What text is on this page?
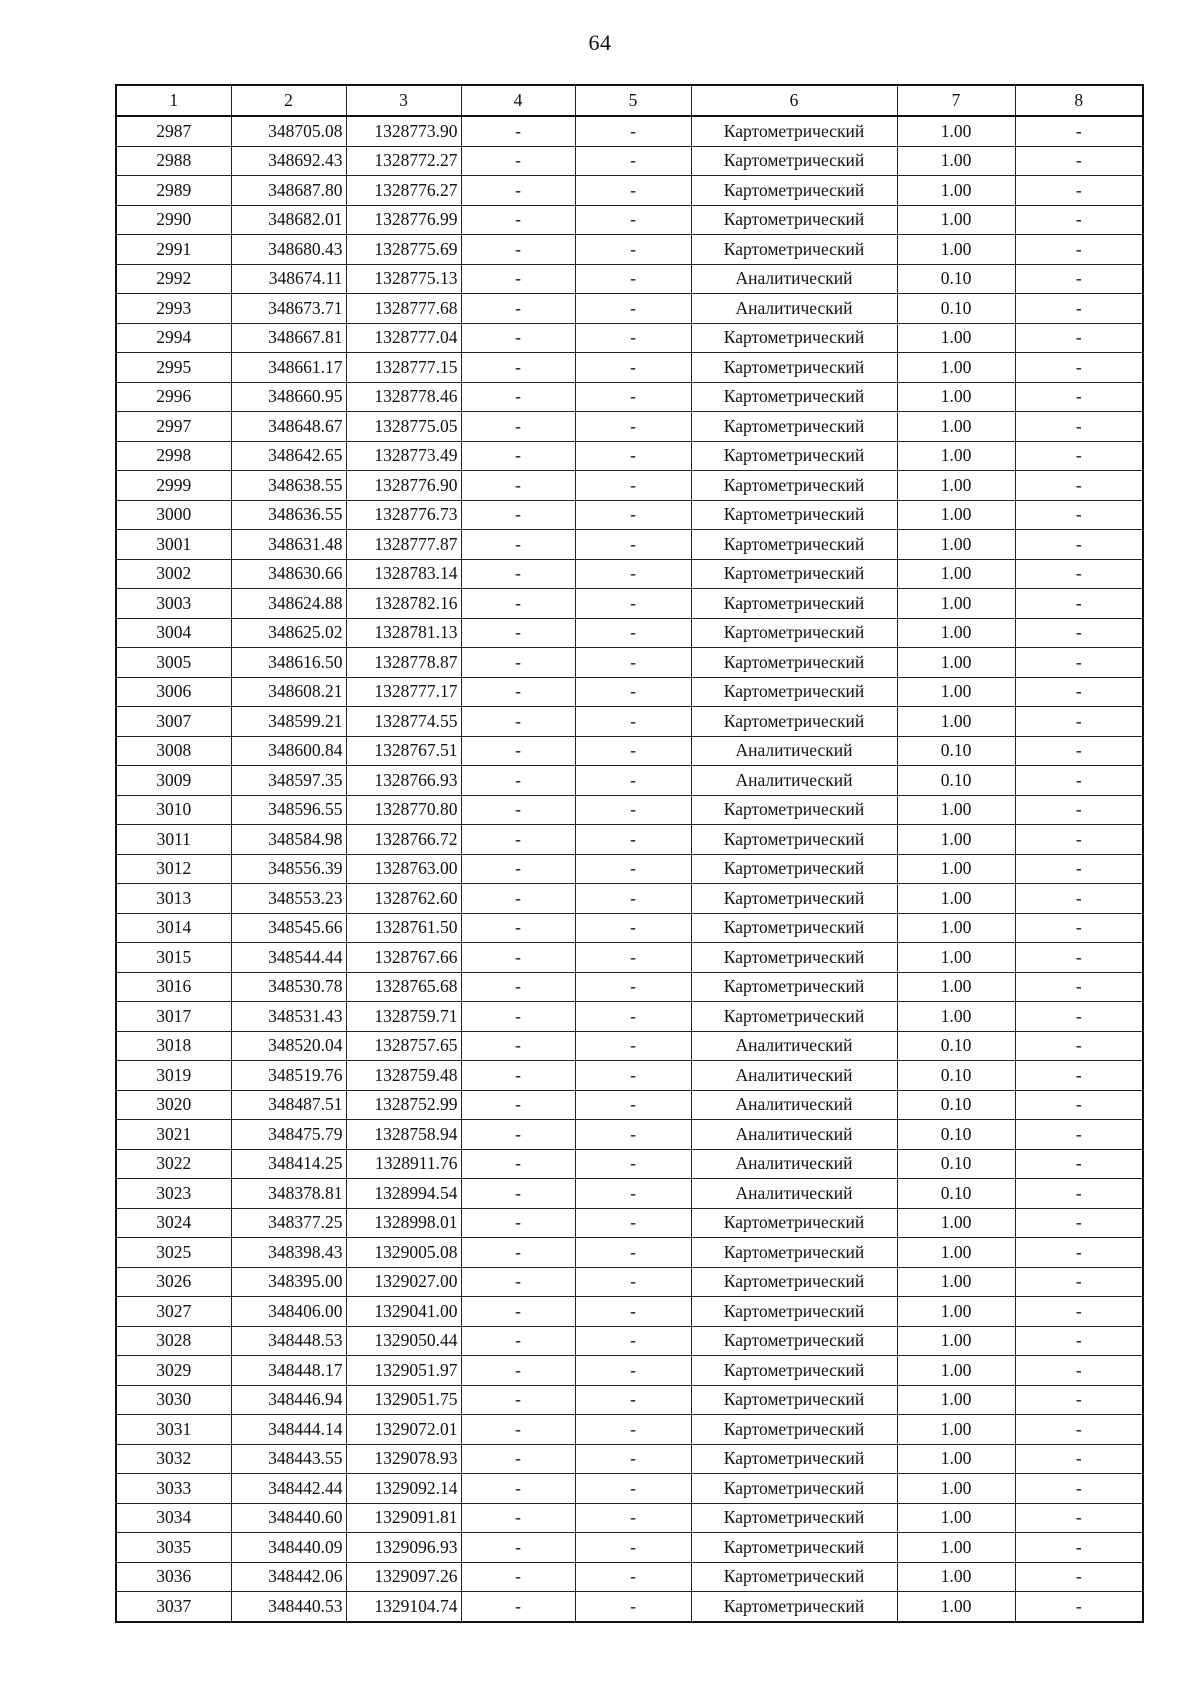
64
1	2	3	4	5	6	7	8
2987	348705.08	1328773.90	-	-	Картометрический	1.00	-
2988	348692.43	1328772.27	-	-	Картометрический	1.00	-
2989	348687.80	1328776.27	-	-	Картометрический	1.00	-
2990	348682.01	1328776.99	-	-	Картометрический	1.00	-
2991	348680.43	1328775.69	-	-	Картометрический	1.00	-
2992	348674.11	1328775.13	-	-	Аналитический	0.10	-
2993	348673.71	1328777.68	-	-	Аналитический	0.10	-
2994	348667.81	1328777.04	-	-	Картометрический	1.00	-
2995	348661.17	1328777.15	-	-	Картометрический	1.00	-
2996	348660.95	1328778.46	-	-	Картометрический	1.00	-
2997	348648.67	1328775.05	-	-	Картометрический	1.00	-
2998	348642.65	1328773.49	-	-	Картометрический	1.00	-
2999	348638.55	1328776.90	-	-	Картометрический	1.00	-
3000	348636.55	1328776.73	-	-	Картометрический	1.00	-
3001	348631.48	1328777.87	-	-	Картометрический	1.00	-
3002	348630.66	1328783.14	-	-	Картометрический	1.00	-
3003	348624.88	1328782.16	-	-	Картометрический	1.00	-
3004	348625.02	1328781.13	-	-	Картометрический	1.00	-
3005	348616.50	1328778.87	-	-	Картометрический	1.00	-
3006	348608.21	1328777.17	-	-	Картометрический	1.00	-
3007	348599.21	1328774.55	-	-	Картометрический	1.00	-
3008	348600.84	1328767.51	-	-	Аналитический	0.10	-
3009	348597.35	1328766.93	-	-	Аналитический	0.10	-
3010	348596.55	1328770.80	-	-	Картометрический	1.00	-
3011	348584.98	1328766.72	-	-	Картометрический	1.00	-
3012	348556.39	1328763.00	-	-	Картометрический	1.00	-
3013	348553.23	1328762.60	-	-	Картометрический	1.00	-
3014	348545.66	1328761.50	-	-	Картометрический	1.00	-
3015	348544.44	1328767.66	-	-	Картометрический	1.00	-
3016	348530.78	1328765.68	-	-	Картометрический	1.00	-
3017	348531.43	1328759.71	-	-	Картометрический	1.00	-
3018	348520.04	1328757.65	-	-	Аналитический	0.10	-
3019	348519.76	1328759.48	-	-	Аналитический	0.10	-
3020	348487.51	1328752.99	-	-	Аналитический	0.10	-
3021	348475.79	1328758.94	-	-	Аналитический	0.10	-
3022	348414.25	1328911.76	-	-	Аналитический	0.10	-
3023	348378.81	1328994.54	-	-	Аналитический	0.10	-
3024	348377.25	1328998.01	-	-	Картометрический	1.00	-
3025	348398.43	1329005.08	-	-	Картометрический	1.00	-
3026	348395.00	1329027.00	-	-	Картометрический	1.00	-
3027	348406.00	1329041.00	-	-	Картометрический	1.00	-
3028	348448.53	1329050.44	-	-	Картометрический	1.00	-
3029	348448.17	1329051.97	-	-	Картометрический	1.00	-
3030	348446.94	1329051.75	-	-	Картометрический	1.00	-
3031	348444.14	1329072.01	-	-	Картометрический	1.00	-
3032	348443.55	1329078.93	-	-	Картометрический	1.00	-
3033	348442.44	1329092.14	-	-	Картометрический	1.00	-
3034	348440.60	1329091.81	-	-	Картометрический	1.00	-
3035	348440.09	1329096.93	-	-	Картометрический	1.00	-
3036	348442.06	1329097.26	-	-	Картометрический	1.00	-
3037	348440.53	1329104.74	-	-	Картометрический	1.00	-
